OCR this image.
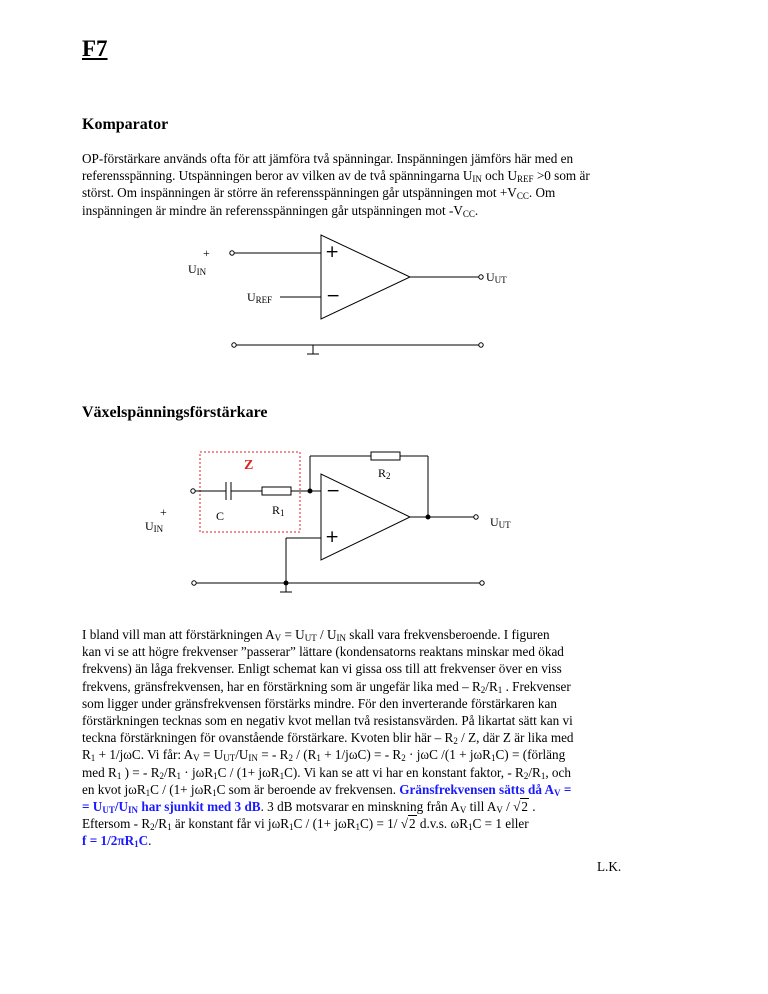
F7
Komparator
OP-förstärkare används ofta för att jämföra två spänningar. Inspänningen jämförs här med en
referensspänning. Utspänningen beror av vilken av de två spänningarna $U_{IN}$ och $U_{REF} >0$ som är
störst. Om inspänningen är större än referensspänningen går utspänningen mot $+V_{CC}$. Om
inspänningen är mindre än referensspänningen går utspänningen mot $-V_{CC}$.
+
$U_{IN}$
$U_{REF}$
$U_{UT}$
+
−
Växelspänningsförstärkare
Z	$R_2$
$R_1$
C
+
$U_{IN}$	$U_{UT}$
−
+
I bland vill man att förstärkningen $A_V = U_{UT} / U_{IN}$ skall vara frekvensberoende. I figuren
kan vi se att högre frekvenser ”passerar” lättare (kondensatorns reaktans minskar med ökad
frekvens) än låga frekvenser. Enligt schemat kan vi gissa oss till att frekvenser över en viss
frekvens, gränsfrekvensen, har en förstärkning som är ungefär lika med – $R_2/R_1$ . Frekvenser
som ligger under gränsfrekvensen förstärks mindre. För den inverterande förstärkaren kan
förstärkningen tecknas som en negativ kvot mellan två resistansvärden. På likartat sätt kan vi
teckna förstärkningen för ovanstående förstärkare. Kvoten blir här – $R_2$ / Z, där Z är lika med
$R_1 + 1/j\omega C$. Vi får: $A_V = U_{UT}/U_{IN}$ = - $R_2 / (R_1 + 1/j\omega C)$ = - $R_2 \cdot j\omega C$ /(1 + jωR$_1$C) = (förläng
med $R_1$ ) = - $R_2/R_1 \cdot j\omega R_1C / (1+ j\omega R_1C)$. Vi kan se att vi har en konstant faktor, - $R_2/R_1$, och
en kvot jωR$_1$C / (1+ jωR$_1$C som är beroende av frekvensen. Gränsfrekvensen sätts då $A_V$ =
= $U_{UT}/U_{IN}$ har sjunkit med 3 dB. 3 dB motsvarar en minskning från $A_V$ till $A_V / √2$ .
Eftersom - $R_2/R_1$ är konstant får vi jωR$_1$C / (1+ jωR$_1$C) = 1/ √2 d.v.s. $\omega R_1C = 1$ eller
$f = 1/2\pi R_1C$.
L.K.
